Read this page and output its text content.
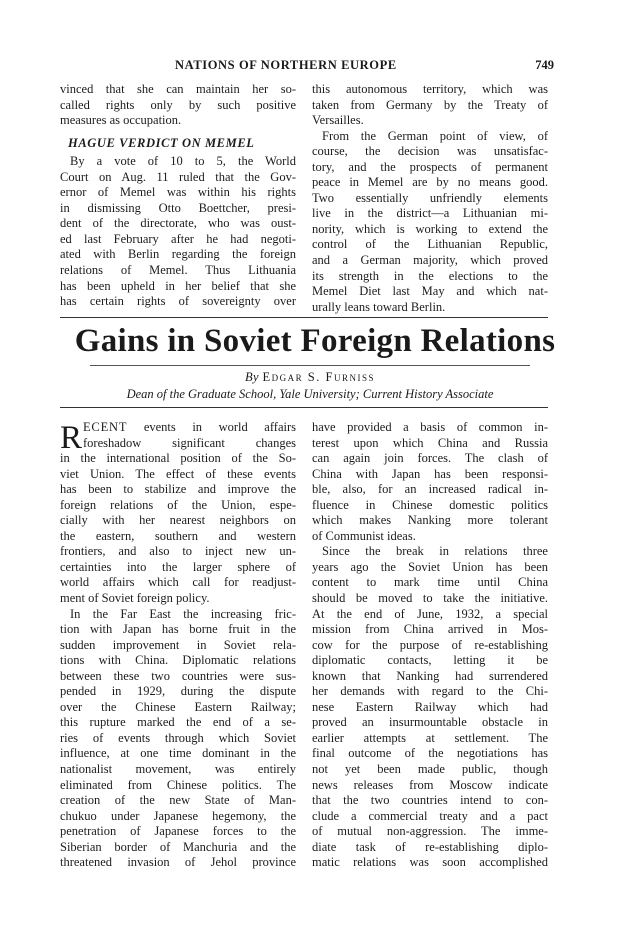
NATIONS OF NORTHERN EUROPE	749
vinced that she can maintain her so-
called rights only by such positive
measures as occupation.
HAGUE VERDICT ON MEMEL
By a vote of 10 to 5, the World
Court on Aug. 11 ruled that the Gov-
ernor of Memel was within his rights
in dismissing Otto Boettcher, presi-
dent of the directorate, who was oust-
ed last February after he had negoti-
ated with Berlin regarding the foreign
relations of Memel. Thus Lithuania
has been upheld in her belief that she
has certain rights of sovereignty over
this autonomous territory, which was
taken from Germany by the Treaty of
Versailles.
From the German point of view, of
course, the decision was unsatisfac-
tory, and the prospects of permanent
peace in Memel are by no means good.
Two essentially unfriendly elements
live in the district—a Lithuanian mi-
nority, which is working to extend the
control of the Lithuanian Republic,
and a German majority, which proved
its strength in the elections to the
Memel Diet last May and which nat-
urally leans toward Berlin.
Gains in Soviet Foreign Relations
By Edgar S. Furniss
Dean of the Graduate School, Yale University; Current History Associate
R ECENT events in world affairs
foreshadow significant changes
in the international position of the So-
viet Union. The effect of these events
has been to stabilize and improve the
foreign relations of the Union, espe-
cially with her nearest neighbors on
the eastern, southern and western
frontiers, and also to inject new un-
certainties into the larger sphere of
world affairs which call for readjust-
ment of Soviet foreign policy.
In the Far East the increasing fric-
tion with Japan has borne fruit in the
sudden improvement in Soviet rela-
tions with China. Diplomatic relations
between these two countries were sus-
pended in 1929, during the dispute
over the Chinese Eastern Railway;
this rupture marked the end of a se-
ries of events through which Soviet
influence, at one time dominant in the
nationalist movement, was entirely
eliminated from Chinese politics. The
creation of the new State of Man-
chukuo under Japanese hegemony, the
penetration of Japanese forces to the
Siberian border of Manchuria and the
threatened invasion of Jehol province
have provided a basis of common in-
terest upon which China and Russia
can again join forces. The clash of
China with Japan has been responsi-
ble, also, for an increased radical in-
fluence in Chinese domestic politics
which makes Nanking more tolerant
of Communist ideas.
Since the break in relations three
years ago the Soviet Union has been
content to mark time until China
should be moved to take the initiative.
At the end of June, 1932, a special
mission from China arrived in Mos-
cow for the purpose of re-establishing
diplomatic contacts, letting it be
known that Nanking had surrendered
her demands with regard to the Chi-
nese Eastern Railway which had
proved an insurmountable obstacle in
earlier attempts at settlement. The
final outcome of the negotiations has
not yet been made public, though
news releases from Moscow indicate
that the two countries intend to con-
clude a commercial treaty and a pact
of mutual non-aggression. The imme-
diate task of re-establishing diplo-
matic relations was soon accomplished
